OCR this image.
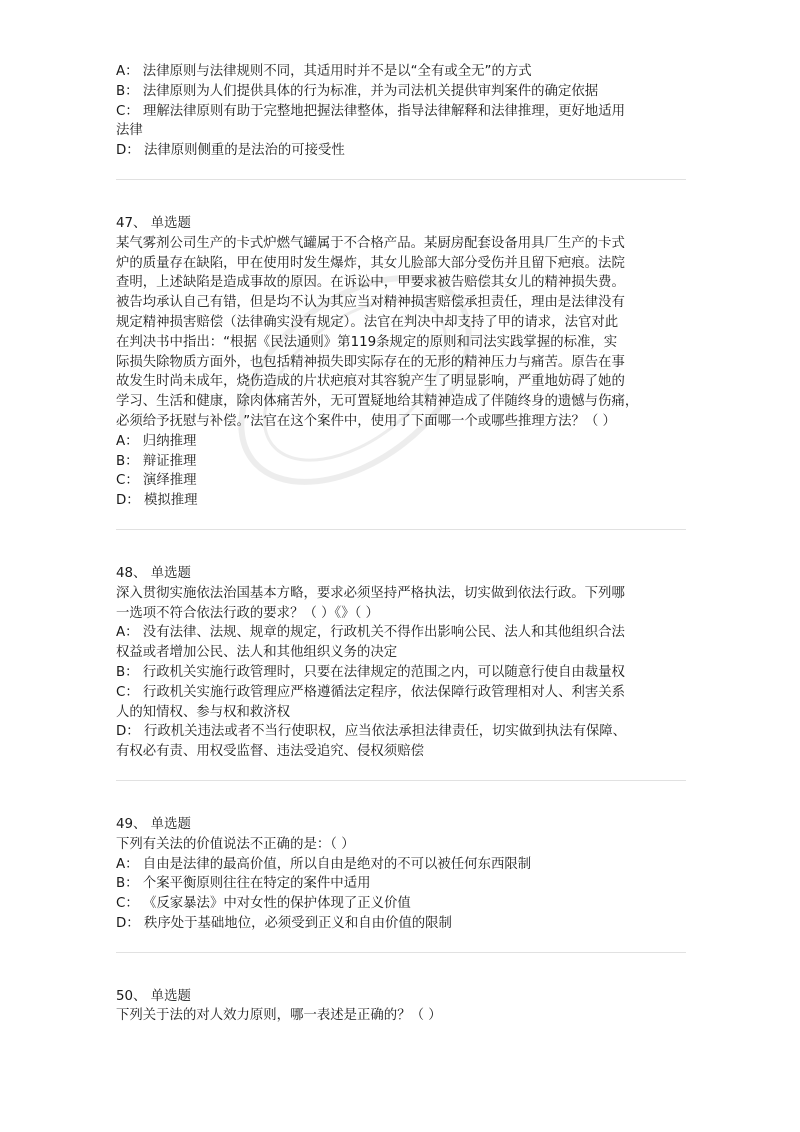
A： 法律原则与法律规则不同，其适用时并不是以“全有或全无”的方式
B： 法律原则为人们提供具体的行为标准，并为司法机关提供审判案件的确定依据
C： 理解法律原则有助于完整地把握法律整体，指导法律解释和法律推理，更好地适用
法律
D： 法律原则侧重的是法治的可接受性
47、 单选题
某气雾剂公司生产的卡式炉燃气罐属于不合格产品。某厨房配套设备用具厂生产的卡式
炉的质量存在缺陷，甲在使用时发生爆炸，其女儿脸部大部分受伤并且留下疤痕。法院
查明，上述缺陷是造成事故的原因。在诉讼中，甲要求被告赔偿其女儿的精神损失费。
被告均承认自己有错，但是均不认为其应当对精神损害赔偿承担责任，理由是法律没有
规定精神损害赔偿（法律确实没有规定）。法官在判决中却支持了甲的请求，法官对此
在判决书中指出：“根据《民法通则》第119条规定的原则和司法实践掌握的标准，实
际损失除物质方面外，也包括精神损失即实际存在的无形的精神压力与痛苦。原告在事
故发生时尚未成年，烧伤造成的片状疤痕对其容貌产生了明显影响，严重地妨碍了她的
学习、生活和健康，除肉体痛苦外，无可置疑地给其精神造成了伴随终身的遗憾与伤痛，
必须给予抚慰与补偿。”法官在这个案件中，使用了下面哪一个或哪些推理方法？（ ）
A： 归纳推理
B： 辩证推理
C： 演绎推理
D： 模拟推理
48、 单选题
深入贯彻实施依法治国基本方略，要求必须坚持严格执法，切实做到依法行政。下列哪
一选项不符合依法行政的要求？（ ）《》（ ）
A： 没有法律、法规、规章的规定，行政机关不得作出影响公民、法人和其他组织合法
权益或者增加公民、法人和其他组织义务的决定
B： 行政机关实施行政管理时，只要在法律规定的范围之内，可以随意行使自由裁量权
C： 行政机关实施行政管理应严格遵循法定程序，依法保障行政管理相对人、利害关系
人的知情权、参与权和救济权
D： 行政机关违法或者不当行使职权，应当依法承担法律责任，切实做到执法有保障、
有权必有责、用权受监督、违法受追究、侵权须赔偿
49、 单选题
下列有关法的价值说法不正确的是：（ ）
A： 自由是法律的最高价值，所以自由是绝对的不可以被任何东西限制
B： 个案平衡原则往往在特定的案件中适用
C： 《反家暴法》中对女性的保护体现了正义价值
D： 秩序处于基础地位，必须受到正义和自由价值的限制
50、 单选题
下列关于法的对人效力原则，哪一表述是正确的？（ ）
